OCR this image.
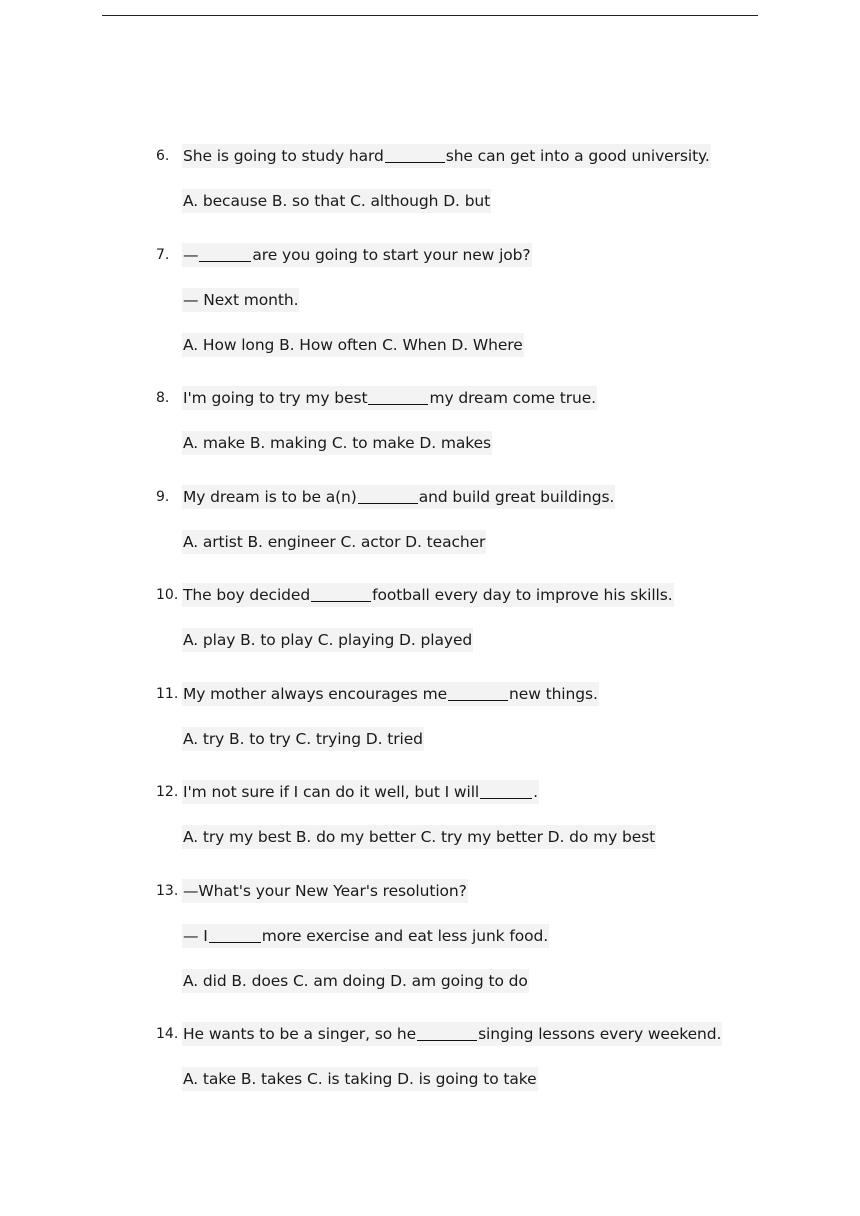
6. She is going to study hard	she can get into a good university.
A. because B. so that C. although D. but
7. —	are you going to start your new job?
— Next month.
A. How long B. How often C. When D. Where
8. I'm going to try my best	my dream come true.
A. make B. making C. to make D. makes
9. My dream is to be a(n)	and build great buildings.
A. artist B. engineer C. actor D. teacher
10. The boy decided	football every day to improve his skills.
A. play B. to play C. playing D. played
11. My mother always encourages me	new things.
A. try B. to try C. trying D. tried
12. I'm not sure if I can do it well, but I will	.
A. try my best B. do my better C. try my better D. do my best
13. —What's your New Year's resolution?
— I	more exercise and eat less junk food.
A. did B. does C. am doing D. am going to do
14. He wants to be a singer, so he	singing lessons every weekend.
A. take B. takes C. is taking D. is going to take
